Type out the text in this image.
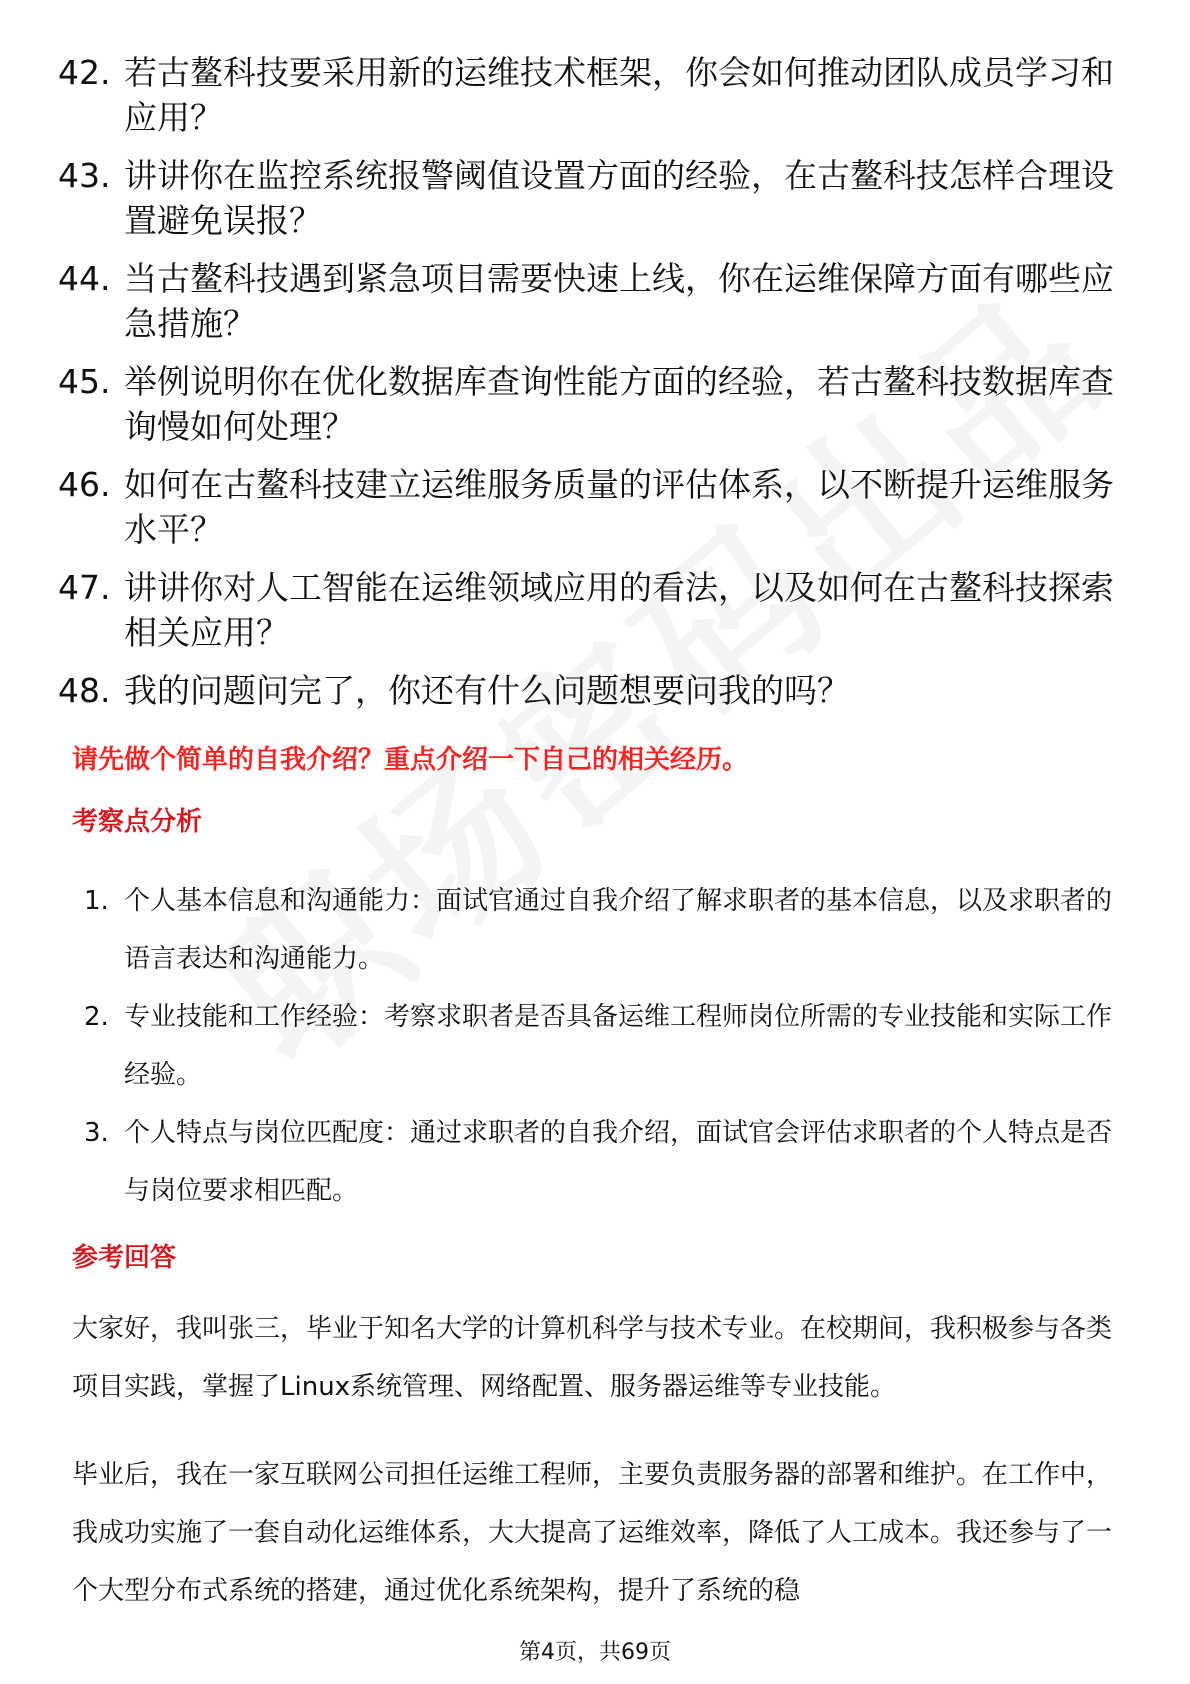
42. 若古鳌科技要采用新的运维技术框架，你会如何推动团队成员学习和应用？
43. 讲讲你在监控系统报警阈值设置方面的经验，在古鳌科技怎样合理设置避免误报？
44. 当古鳌科技遇到紧急项目需要快速上线，你在运维保障方面有哪些应急措施？
45. 举例说明你在优化数据库查询性能方面的经验，若古鳌科技数据库查询慢如何处理？
46. 如何在古鳌科技建立运维服务质量的评估体系，以不断提升运维服务水平？
47. 讲讲你对人工智能在运维领域应用的看法，以及如何在古鳌科技探索相关应用？
48. 我的问题问完了，你还有什么问题想要问我的吗？
请先做个简单的自我介绍？重点介绍一下自己的相关经历。
考察点分析
1. 个人基本信息和沟通能力：面试官通过自我介绍了解求职者的基本信息，以及求职者的语言表达和沟通能力。
2. 专业技能和工作经验：考察求职者是否具备运维工程师岗位所需的专业技能和实际工作经验。
3. 个人特点与岗位匹配度：通过求职者的自我介绍，面试官会评估求职者的个人特点是否与岗位要求相匹配。
参考回答
大家好，我叫张三，毕业于知名大学的计算机科学与技术专业。在校期间，我积极参与各类项目实践，掌握了Linux系统管理、网络配置、服务器运维等专业技能。
毕业后，我在一家互联网公司担任运维工程师，主要负责服务器的部署和维护。在工作中，我成功实施了一套自动化运维体系，大大提高了运维效率，降低了人工成本。我还参与了一个大型分布式系统的搭建，通过优化系统架构，提升了系统的稳
第4页，共69页
